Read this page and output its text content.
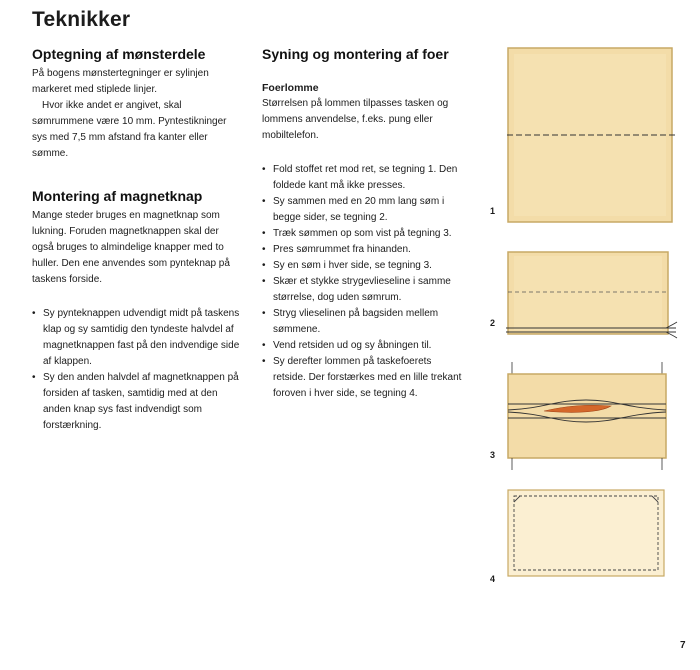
Teknikker
Optegning af mønsterdele

På bogens mønstertegninger er sylinjen markeret med stiplede linjer.

Hvor ikke andet er angivet, skal sømrummene være 10 mm. Pyntestikninger sys med 7,5 mm afstand fra kanter eller sømme.

Montering af magnetknap

Mange steder bruges en magnetknap som lukning. Foruden magnetknappen skal der også bruges to almindelige knapper med to huller. Den ene anvendes som pynteknap på taskens forside.

• Sy pynteknappen udvendigt midt på taskens klap og sy samtidig den tyndeste halvdel af magnetknappen fast på den indvendige side af klappen.
• Sy den anden halvdel af magnetknappen på forsiden af tasken, samtidig med at den anden knap sys fast indvendigt som forstærkning.
Syning og montering af foer
Foerlomme

Størrelsen på lommen tilpasses tasken og lommens anvendelse, f.eks. pung eller mobiltelefon.

• Fold stoffet ret mod ret, se tegning 1. Den foldede kant må ikke presses.
• Sy sammen med en 20 mm lang søm i begge sider, se tegning 2.
• Træk sømmen op som vist på tegning 3.
• Pres sømrummet fra hinanden.
• Sy en søm i hver side, se tegning 3.
• Skær et stykke strygevlieseline i samme størrelse, dog uden sømrum.
• Stryg vlieselinen på bagsiden mellem sømmene.
• Vend retsiden ud og sy åbningen til.
• Sy derefter lommen på taskefoerets retside. Der forstærkes med en lille trekant foroven i hver side, se tegning 4.
1
2
3
4
7
